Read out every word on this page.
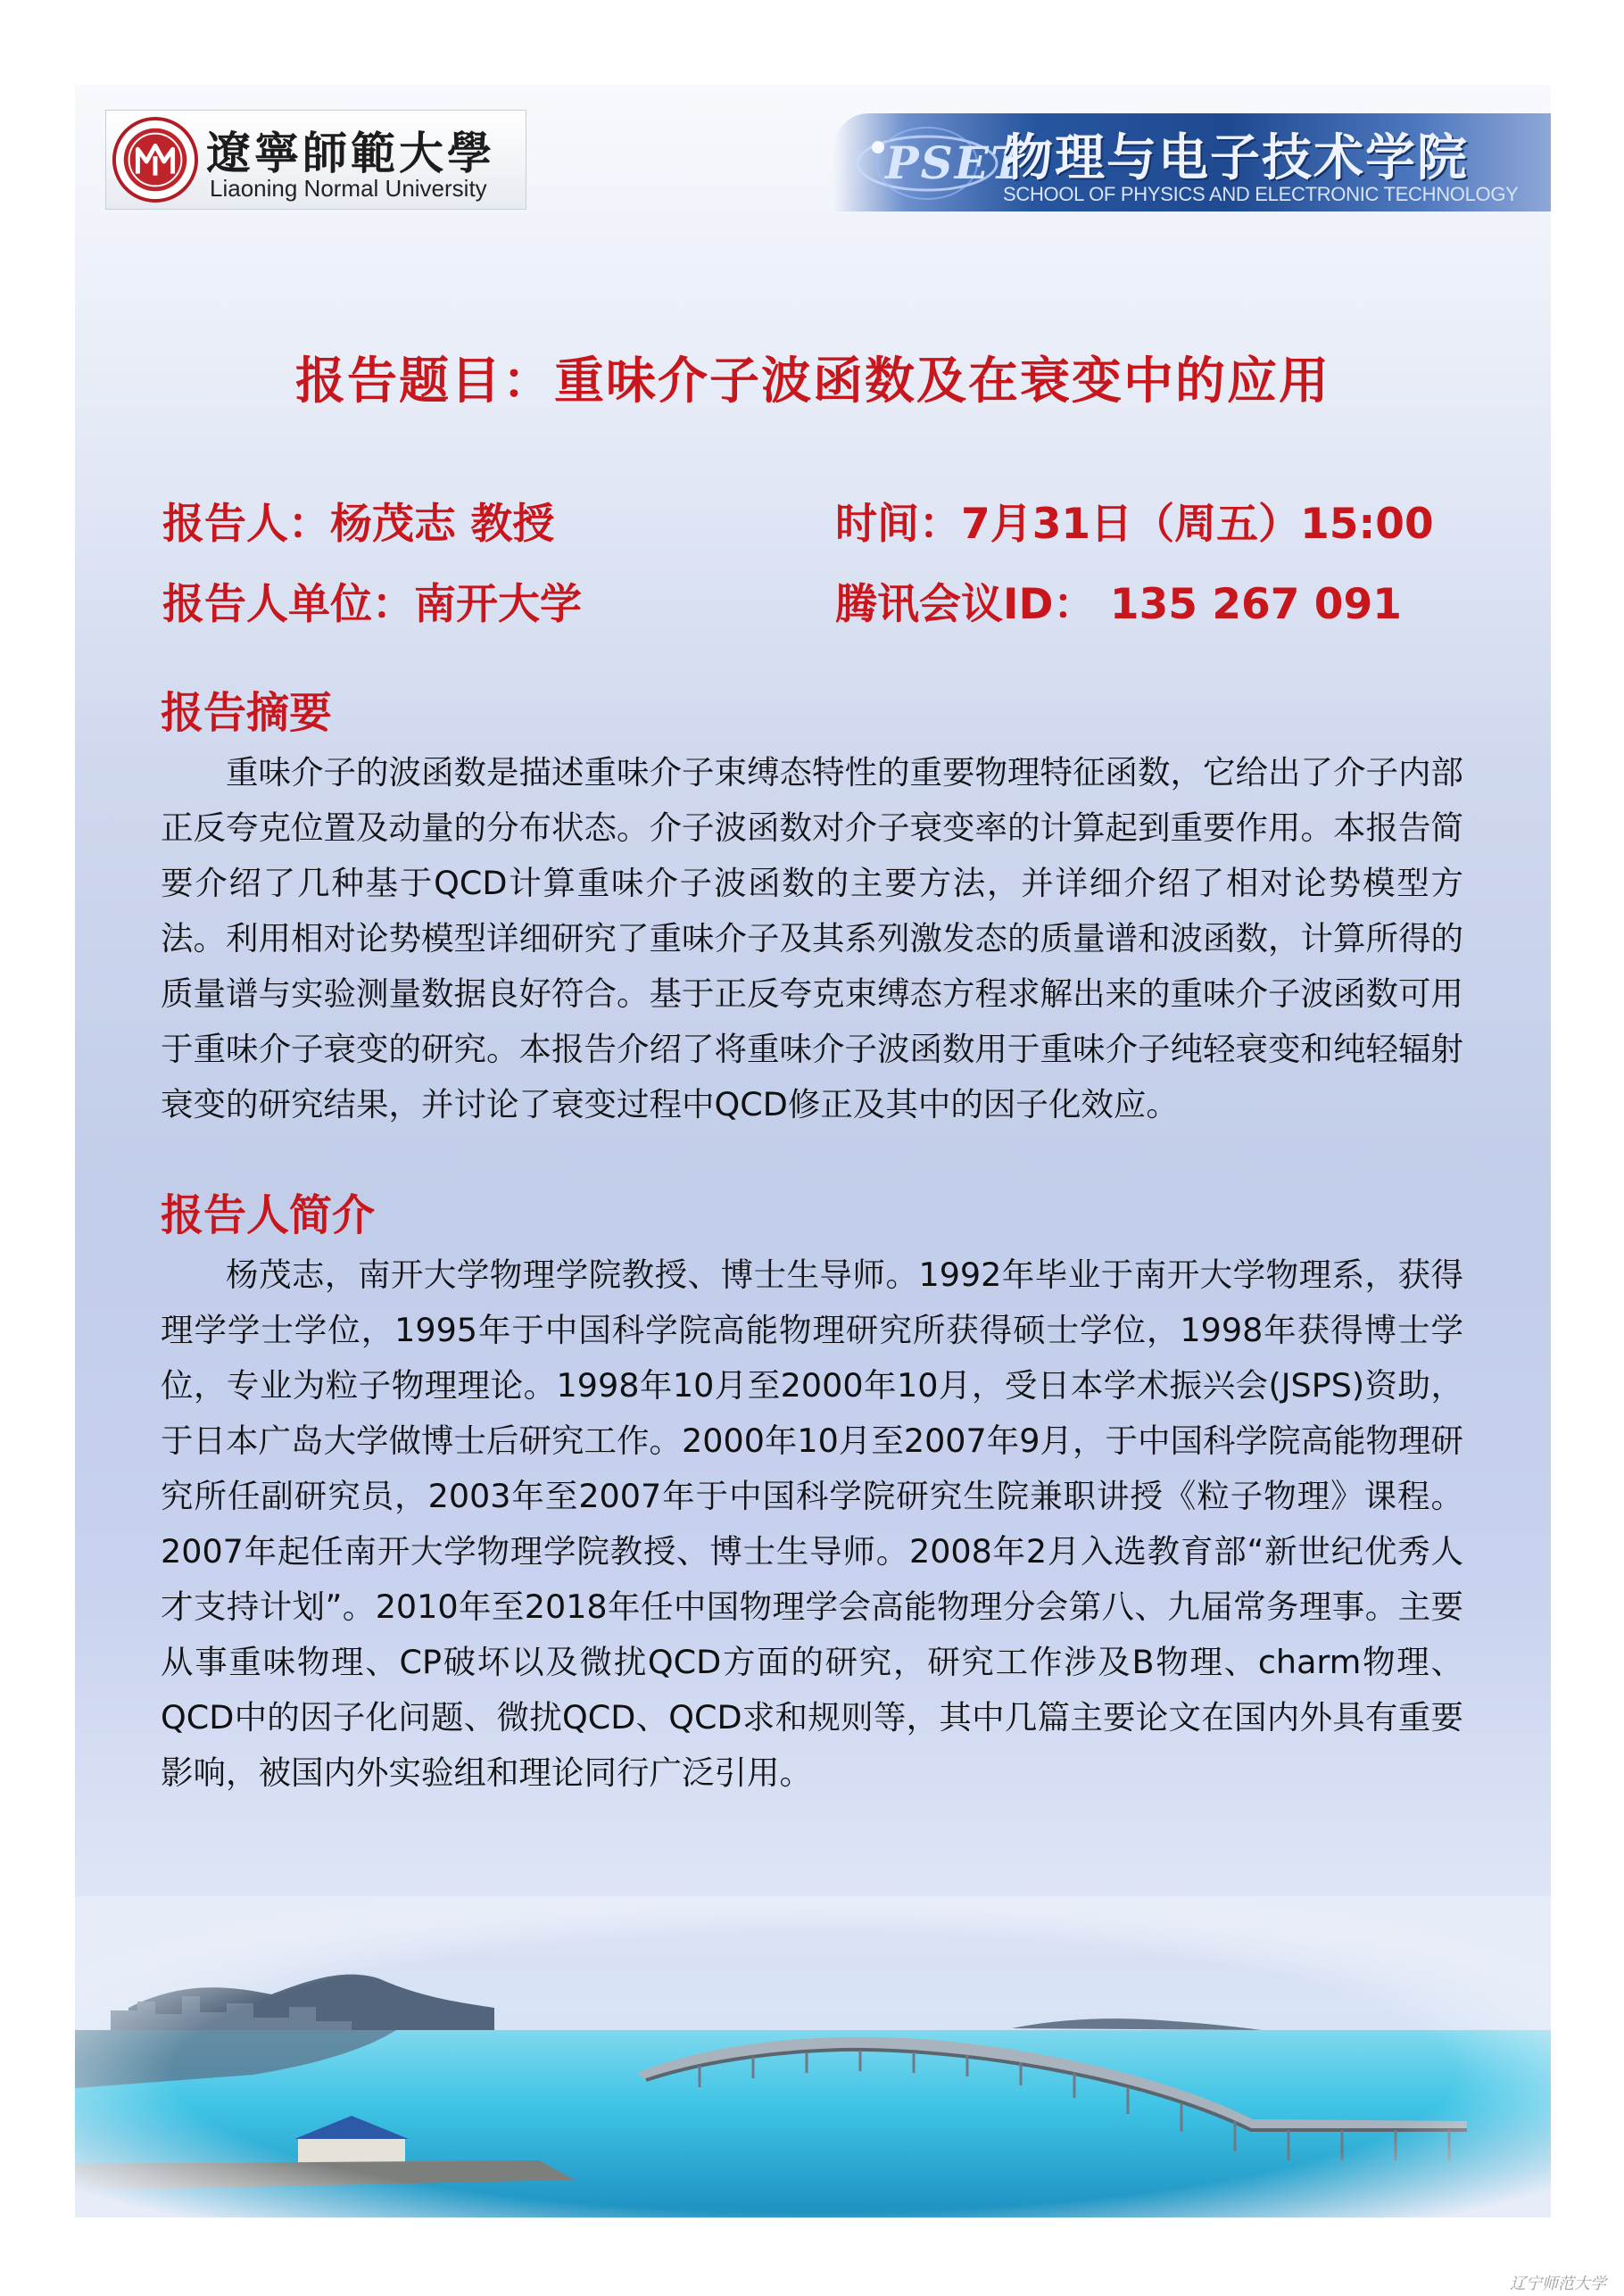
遼寧師範大學
Liaoning Normal University	PSET
物理与电子技术学院
SCHOOL OF PHYSICS AND ELECTRONIC TECHNOLOGY
报告题目：重味介子波函数及在衰变中的应用
报告人：杨茂志 教授	时间：7月31日（周五）15:00
报告人单位：南开大学	腾讯会议ID： 135 267 091
报告摘要

重味介子的波函数是描述重味介子束缚态特性的重要物理特征函数，它给出了介子内部正反夸克位置及动量的分布状态。介子波函数对介子衰变率的计算起到重要作用。本报告简要介绍了几种基于QCD计算重味介子波函数的主要方法，并详细介绍了相对论势模型方法。利用相对论势模型详细研究了重味介子及其系列激发态的质量谱和波函数，计算所得的质量谱与实验测量数据良好符合。基于正反夸克束缚态方程求解出来的重味介子波函数可用于重味介子衰变的研究。本报告介绍了将重味介子波函数用于重味介子纯轻衰变和纯轻辐射衰变的研究结果，并讨论了衰变过程中QCD修正及其中的因子化效应。

报告人简介

杨茂志，南开大学物理学院教授、博士生导师。1992年毕业于南开大学物理系，获得理学学士学位，1995年于中国科学院高能物理研究所获得硕士学位，1998年获得博士学位，专业为粒子物理理论。1998年10月至2000年10月，受日本学术振兴会(JSPS)资助，于日本广岛大学做博士后研究工作。2000年10月至2007年9月，于中国科学院高能物理研究所任副研究员，2003年至2007年于中国科学院研究生院兼职讲授《粒子物理》课程。2007年起任南开大学物理学院教授、博士生导师。2008年2月入选教育部“新世纪优秀人才支持计划”。2010年至2018年任中国物理学会高能物理分会第八、九届常务理事。主要从事重味物理、CP破坏以及微扰QCD方面的研究，研究工作涉及B物理、charm物理、QCD中的因子化问题、微扰QCD、QCD求和规则等，其中几篇主要论文在国内外具有重要影响，被国内外实验组和理论同行广泛引用。

辽宁师范大学
